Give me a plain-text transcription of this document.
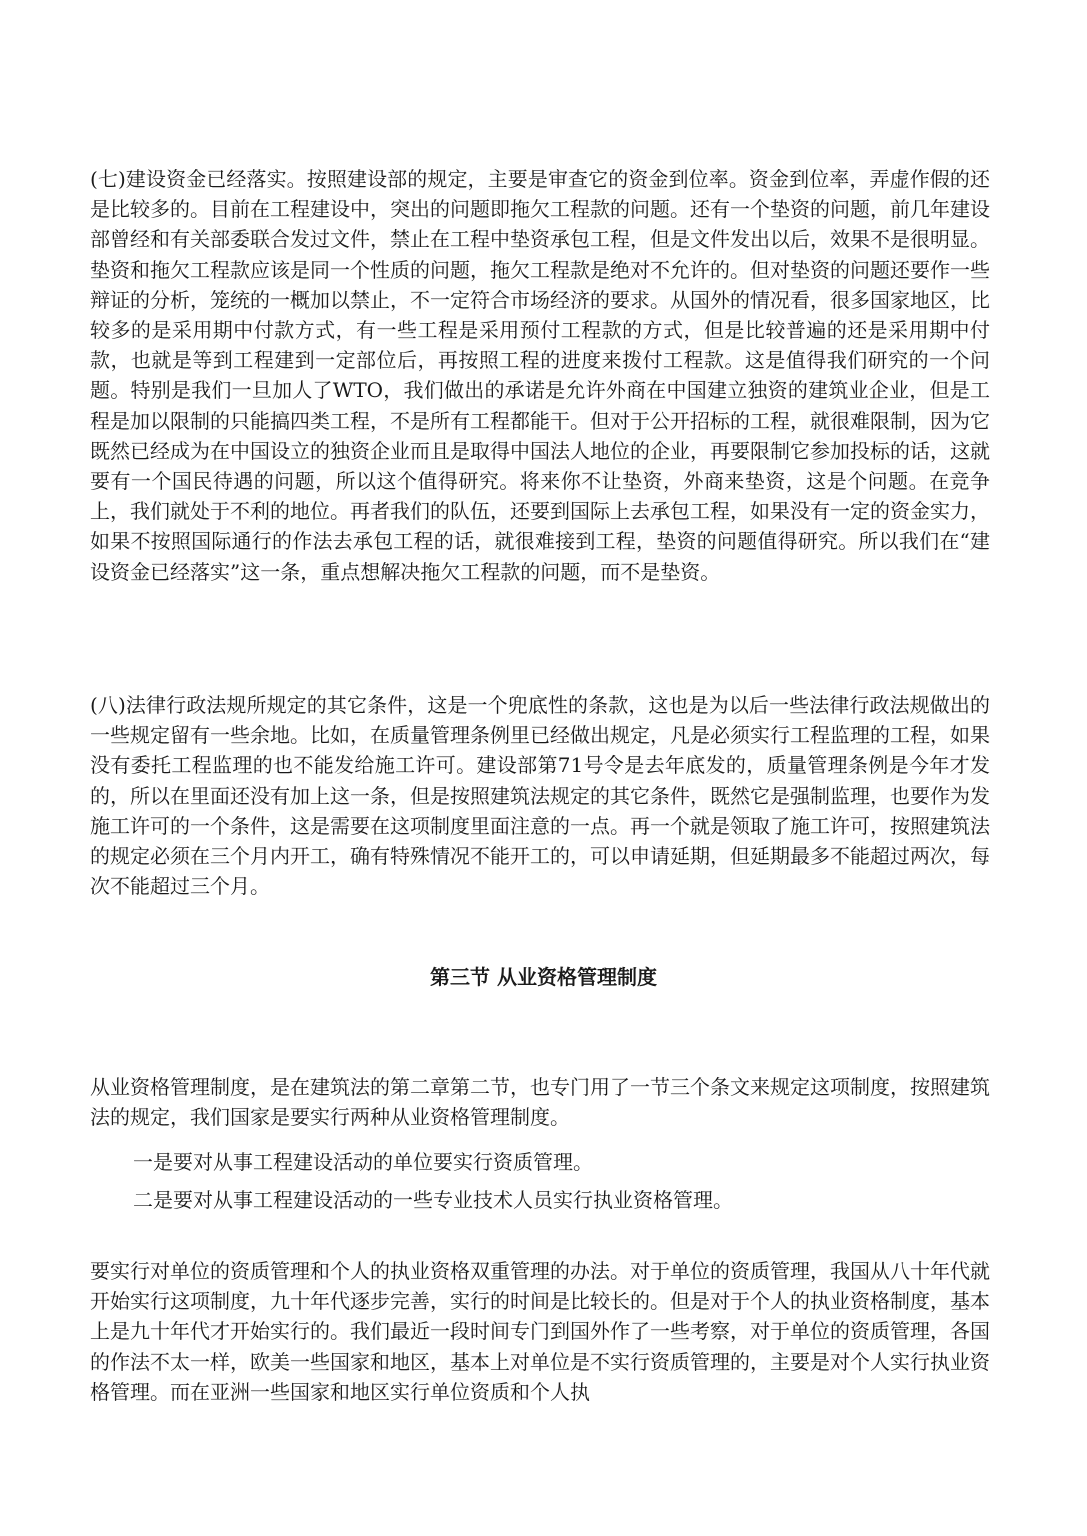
(七)建设资金已经落实。按照建设部的规定，主要是审查它的资金到位率。资金到位率，弄虚作假的还是比较多的。目前在工程建设中，突出的问题即拖欠工程款的问题。还有一个垫资的问题，前几年建设部曾经和有关部委联合发过文件，禁止在工程中垫资承包工程，但是文件发出以后，效果不是很明显。垫资和拖欠工程款应该是同一个性质的问题，拖欠工程款是绝对不允许的。但对垫资的问题还要作一些辩证的分析，笼统的一概加以禁止，不一定符合市场经济的要求。从国外的情况看，很多国家地区，比较多的是采用期中付款方式，有一些工程是采用预付工程款的方式，但是比较普遍的还是采用期中付款，也就是等到工程建到一定部位后，再按照工程的进度来拨付工程款。这是值得我们研究的一个问题。特别是我们一旦加人了WTO，我们做出的承诺是允许外商在中国建立独资的建筑业企业，但是工程是加以限制的只能搞四类工程，不是所有工程都能干。但对于公开招标的工程，就很难限制，因为它既然已经成为在中国设立的独资企业而且是取得中国法人地位的企业，再要限制它参加投标的话，这就要有一个国民待遇的问题，所以这个值得研究。将来你不让垫资，外商来垫资，这是个问题。在竞争上，我们就处于不利的地位。再者我们的队伍，还要到国际上去承包工程，如果没有一定的资金实力，如果不按照国际通行的作法去承包工程的话，就很难接到工程，垫资的问题值得研究。所以我们在“建设资金已经落实”这一条，重点想解决拖欠工程款的问题，而不是垫资。

(八)法律行政法规所规定的其它条件，这是一个兜底性的条款，这也是为以后一些法律行政法规做出的一些规定留有一些余地。比如，在质量管理条例里已经做出规定，凡是必须实行工程监理的工程，如果没有委托工程监理的也不能发给施工许可。建设部第71号令是去年底发的，质量管理条例是今年才发的，所以在里面还没有加上这一条，但是按照建筑法规定的其它条件，既然它是强制监理，也要作为发施工许可的一个条件，这是需要在这项制度里面注意的一点。再一个就是领取了施工许可，按照建筑法的规定必须在三个月内开工，确有特殊情况不能开工的，可以申请延期，但延期最多不能超过两次，每次不能超过三个月。

第三节 从业资格管理制度

从业资格管理制度，是在建筑法的第二章第二节，也专门用了一节三个条文来规定这项制度，按照建筑法的规定，我们国家是要实行两种从业资格管理制度。

一是要对从事工程建设活动的单位要实行资质管理。

二是要对从事工程建设活动的一些专业技术人员实行执业资格管理。

要实行对单位的资质管理和个人的执业资格双重管理的办法。对于单位的资质管理，我国从八十年代就开始实行这项制度，九十年代逐步完善，实行的时间是比较长的。但是对于个人的执业资格制度，基本上是九十年代才开始实行的。我们最近一段时间专门到国外作了一些考察，对于单位的资质管理，各国的作法不太一样，欧美一些国家和地区，基本上对单位是不实行资质管理的，主要是对个人实行执业资格管理。而在亚洲一些国家和地区实行单位资质和个人执
